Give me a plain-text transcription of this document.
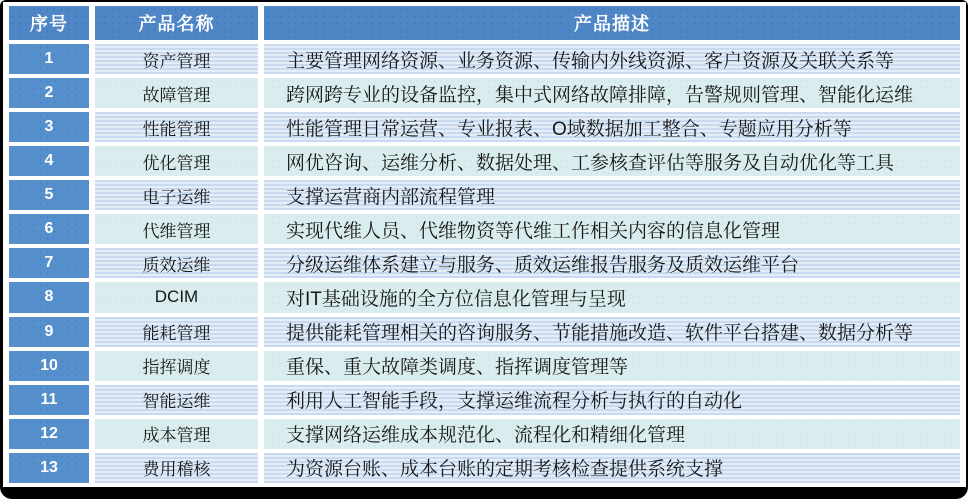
序号	产品名称	产品描述
1	资产管理	主要管理网络资源、业务资源、传输内外线资源、客户资源及关联关系等
2	故障管理	跨网跨专业的设备监控，集中式网络故障排障，告警规则管理、智能化运维
3	性能管理	性能管理日常运营、专业报表、O域数据加工整合、专题应用分析等
4	优化管理	网优咨询、运维分析、数据处理、工参核查评估等服务及自动优化等工具
5	电子运维	支撑运营商内部流程管理
6	代维管理	实现代维人员、代维物资等代维工作相关内容的信息化管理
7	质效运维	分级运维体系建立与服务、质效运维报告服务及质效运维平台
8	DCIM	对IT基础设施的全方位信息化管理与呈现
9	能耗管理	提供能耗管理相关的咨询服务、节能措施改造、软件平台搭建、数据分析等
10	指挥调度	重保、重大故障类调度、指挥调度管理等
11	智能运维	利用人工智能手段，支撑运维流程分析与执行的自动化
12	成本管理	支撑网络运维成本规范化、流程化和精细化管理
13	费用稽核	为资源台账、成本台账的定期考核检查提供系统支撑
